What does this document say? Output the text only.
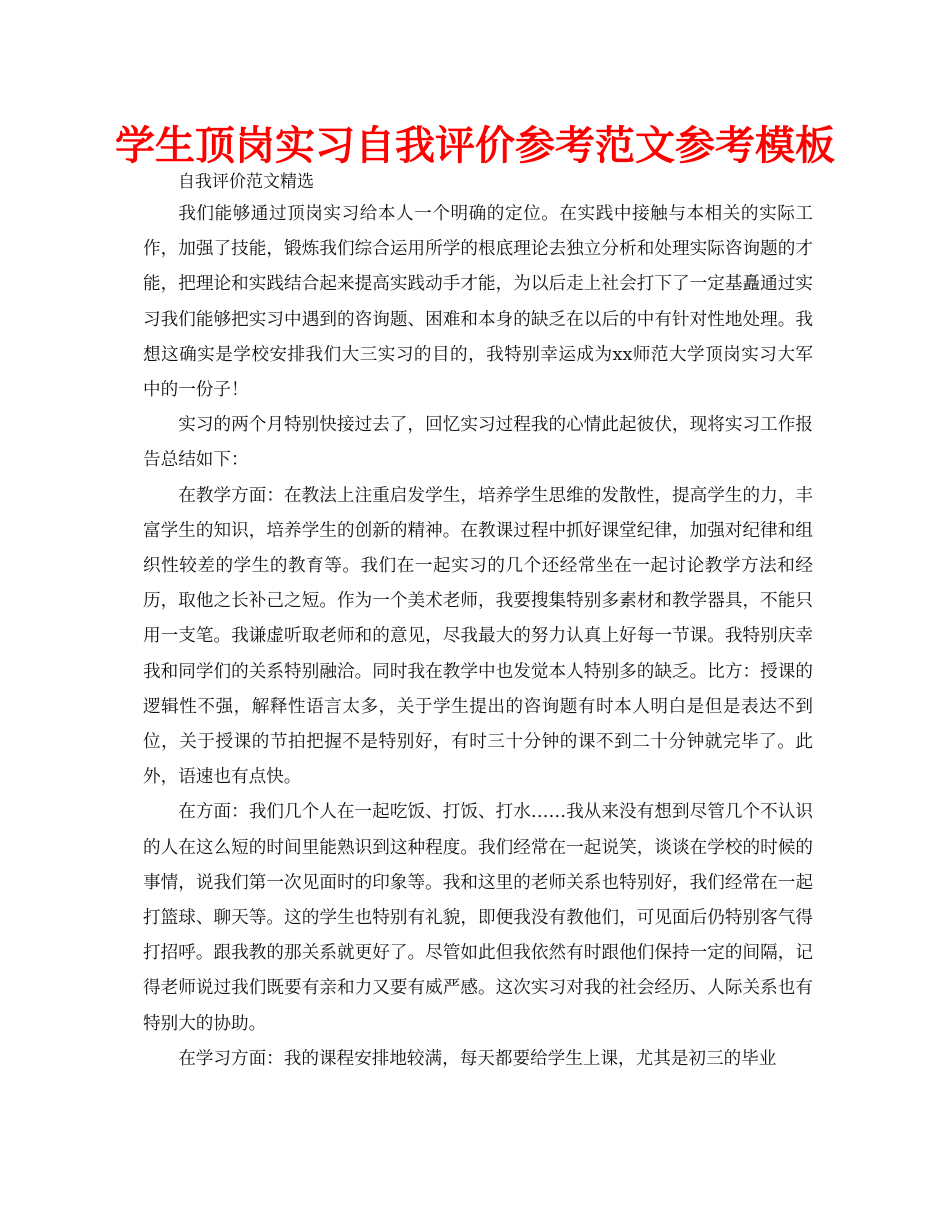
学生顶岗实习自我评价参考范文参考模板
自我评价范文精选

我们能够通过顶岗实习给本人一个明确的定位。在实践中接触与本相关的实际工作，加强了技能，锻炼我们综合运用所学的根底理论去独立分析和处理实际咨询题的才能，把理论和实践结合起来提高实践动手才能，为以后走上社会打下了一定基矗通过实习我们能够把实习中遇到的咨询题、困难和本身的缺乏在以后的中有针对性地处理。我想这确实是学校安排我们大三实习的目的，我特别幸运成为xx师范大学顶岗实习大军中的一份子！

实习的两个月特别快接过去了，回忆实习过程我的心情此起彼伏，现将实习工作报告总结如下：

在教学方面：在教法上注重启发学生，培养学生思维的发散性，提高学生的力，丰富学生的知识，培养学生的创新的精神。在教课过程中抓好课堂纪律，加强对纪律和组织性较差的学生的教育等。我们在一起实习的几个还经常坐在一起讨论教学方法和经历，取他之长补己之短。作为一个美术老师，我要搜集特别多素材和教学器具，不能只用一支笔。我谦虚听取老师和的意见，尽我最大的努力认真上好每一节课。我特别庆幸我和同学们的关系特别融洽。同时我在教学中也发觉本人特别多的缺乏。比方：授课的逻辑性不强，解释性语言太多，关于学生提出的咨询题有时本人明白是但是表达不到位，关于授课的节拍把握不是特别好，有时三十分钟的课不到二十分钟就完毕了。此外，语速也有点快。

在方面：我们几个人在一起吃饭、打饭、打水……我从来没有想到尽管几个不认识的人在这么短的时间里能熟识到这种程度。我们经常在一起说笑，谈谈在学校的时候的事情，说我们第一次见面时的印象等。我和这里的老师关系也特别好，我们经常在一起打篮球、聊天等。这的学生也特别有礼貌，即便我没有教他们，可见面后仍特别客气得打招呼。跟我教的那关系就更好了。尽管如此但我依然有时跟他们保持一定的间隔，记得老师说过我们既要有亲和力又要有威严感。这次实习对我的社会经历、人际关系也有特别大的协助。

在学习方面：我的课程安排地较满，每天都要给学生上课，尤其是初三的毕业
